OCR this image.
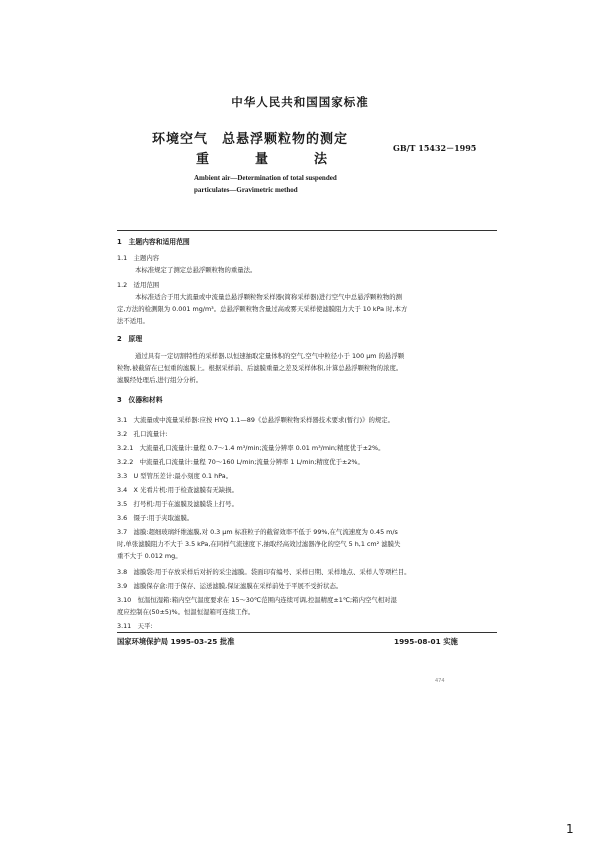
中华人民共和国国家标准
环境空气　总悬浮颗粒物的测定
重	量	法
GB/T 15432－1995
Ambient air—Determination of total suspended
particulates—Gravimetric method
1　主题内容和适用范围
1.1　主题内容
本标准规定了测定总悬浮颗粒物的重量法。
1.2　适用范围
本标准适合于用大流量或中流量总悬浮颗粒物采样器(简称采样器)进行空气中总悬浮颗粒物的测
定,方法的检测限为 0.001 mg/m³。总悬浮颗粒物含量过高或雾天采样使滤膜阻力大于 10 kPa 时,本方
法不适用。
2　原理
通过具有一定切割特性的采样器,以恒速抽取定量体积的空气,空气中粒径小于 100 μm 的悬浮颗
粒物,被截留在已恒重的滤膜上。根据采样前、后滤膜重量之差及采样体积,计算总悬浮颗粒物的浓度。
滤膜经处理后,进行组分分析。
3　仪器和材料
3.1　大流量或中流量采样器:应按 HYQ 1.1—89《总悬浮颗粒物采样器技术要求(暂行)》的规定。
3.2　孔口流量计:
3.2.1　大流量孔口流量计:量程 0.7～1.4 m³/min;流量分辨率 0.01 m³/min;精度优于±2%。
3.2.2　中流量孔口流量计:量程 70～160 L/min;流量分辨率 1 L/min;精度优于±2%。
3.3　U 型管压差计:最小刻度 0.1 hPa。
3.4　X 光看片机:用于检查滤膜有无缺损。
3.5　打号机:用于在滤膜及滤膜袋上打号。
3.6　镊子:用于夹取滤膜。
3.7　滤膜:超细玻璃纤维滤膜,对 0.3 μm 标准粒子的截留效率不低于 99%,在气流速度为 0.45 m/s
时,单张滤膜阻力不大于 3.5 kPa,在同样气流速度下,抽取经高效过滤器净化的空气 5 h,1 cm² 滤膜失
重不大于 0.012 mg。
3.8　滤膜袋:用于存放采样后对折的采尘滤膜。袋面印有编号、采样日期、采样地点、采样人等项栏目。
3.9　滤膜保存盒:用于保存、运送滤膜,保证滤膜在采样前处于平展不受折状态。
3.10　恒温恒湿箱:箱内空气温度要求在 15～30℃范围内连续可调,控温精度±1℃;箱内空气相对湿
度应控制在(50±5)%。恒温恒湿箱可连续工作。
3.11　天平:
国家环境保护局 1995-03-25 批准	1995-08-01 实施
474
1
